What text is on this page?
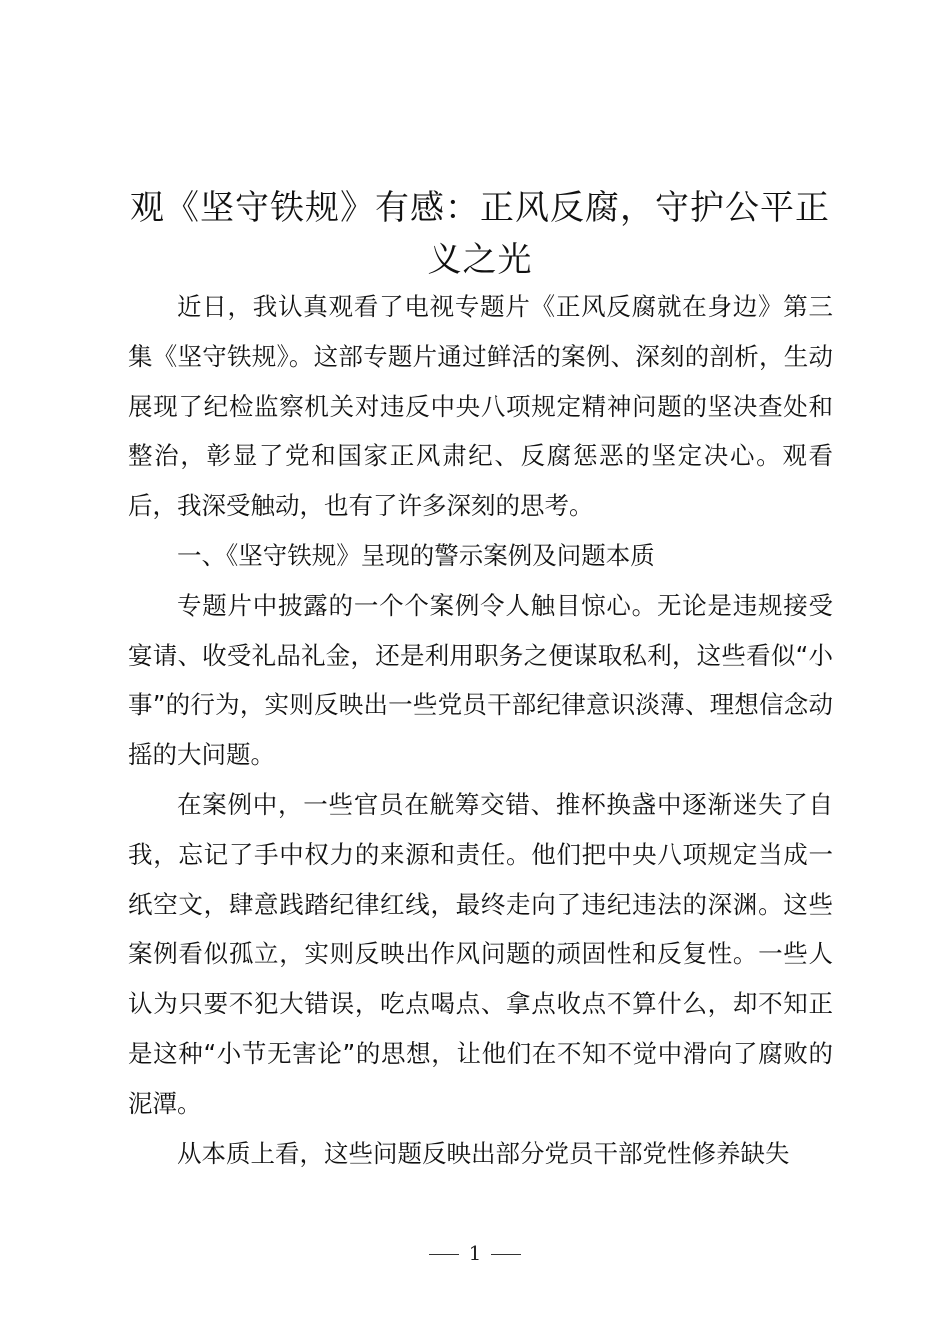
观《坚守铁规》有感：正风反腐，守护公平正义之光

近日，我认真观看了电视专题片《正风反腐就在身边》第三集《坚守铁规》。这部专题片通过鲜活的案例、深刻的剖析，生动展现了纪检监察机关对违反中央八项规定精神问题的坚决查处和整治，彰显了党和国家正风肃纪、反腐惩恶的坚定决心。观看后，我深受触动，也有了许多深刻的思考。

一、《坚守铁规》呈现的警示案例及问题本质

专题片中披露的一个个案例令人触目惊心。无论是违规接受宴请、收受礼品礼金，还是利用职务之便谋取私利，这些看似“小事”的行为，实则反映出一些党员干部纪律意识淡薄、理想信念动摇的大问题。

在案例中，一些官员在觥筹交错、推杯换盏中逐渐迷失了自我，忘记了手中权力的来源和责任。他们把中央八项规定当成一纸空文，肆意践踏纪律红线，最终走向了违纪违法的深渊。这些案例看似孤立，实则反映出作风问题的顽固性和反复性。一些人认为只要不犯大错误，吃点喝点、拿点收点不算什么，却不知正是这种“小节无害论”的思想，让他们在不知不觉中滑向了腐败的泥潭。

从本质上看，这些问题反映出部分党员干部党性修养缺失

1
